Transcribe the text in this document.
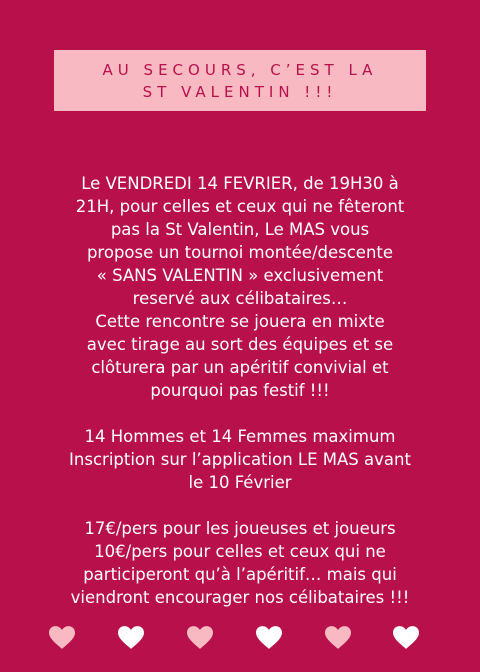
AU SECOURS, C’EST LA
ST VALENTIN !!!

Le VENDREDI 14 FEVRIER, de 19H30 à
21H, pour celles et ceux qui ne fêteront
pas la St Valentin, Le MAS vous
propose un tournoi montée/descente
« SANS VALENTIN » exclusivement
reservé aux célibataires…
Cette rencontre se jouera en mixte
avec tirage au sort des équipes et se
clôturera par un apéritif convivial et
pourquoi pas festif !!!

14 Hommes et 14 Femmes maximum
Inscription sur l’application LE MAS avant
le 10 Février

17€/pers pour les joueuses et joueurs
10€/pers pour celles et ceux qui ne
participeront qu’à l’apéritif… mais qui
viendront encourager nos célibataires !!!
